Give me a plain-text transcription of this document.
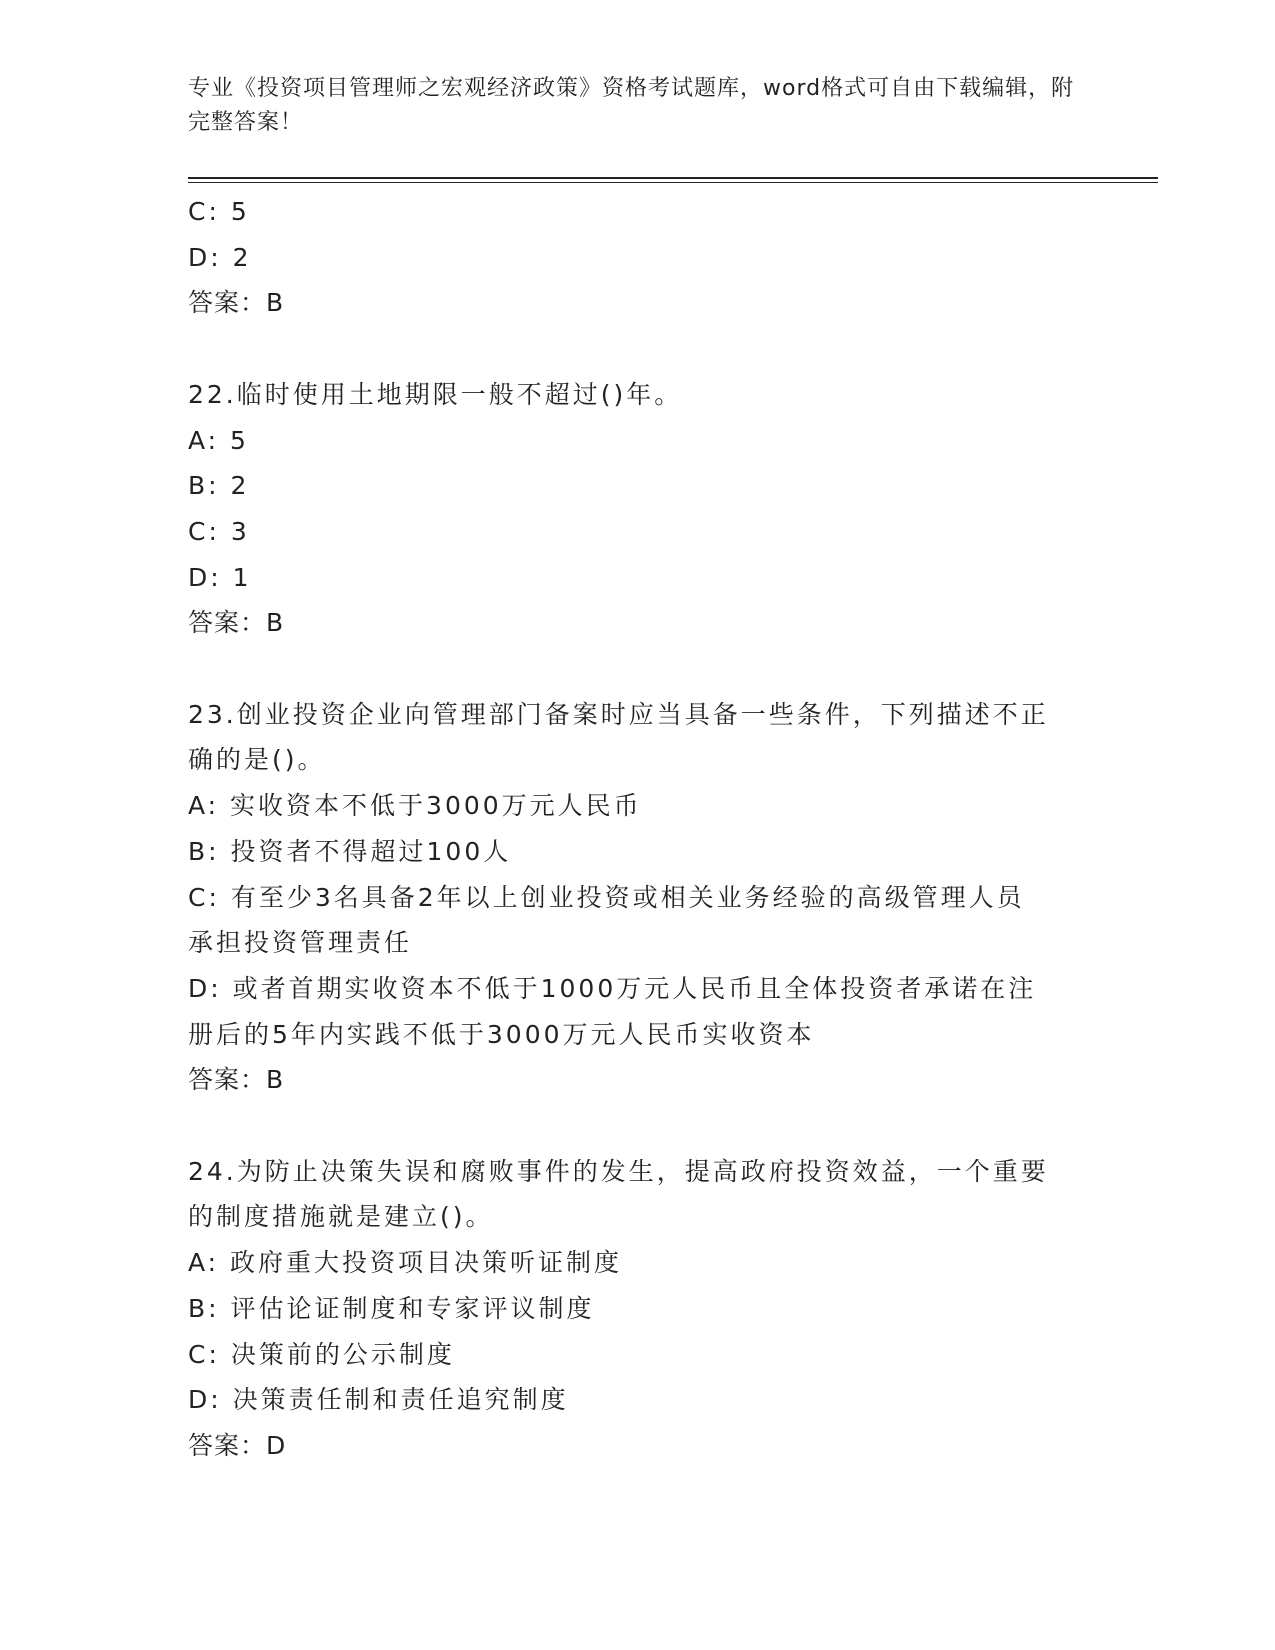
专业《投资项目管理师之宏观经济政策》资格考试题库，word格式可自由下载编辑，附完整答案！
C: 5
D: 2
答案：B
22.临时使用土地期限一般不超过()年。
A: 5
B: 2
C: 3
D: 1
答案：B
23.创业投资企业向管理部门备案时应当具备一些条件，下列描述不正
确的是()。
A: 实收资本不低于3000万元人民币
B: 投资者不得超过100人
C: 有至少3名具备2年以上创业投资或相关业务经验的高级管理人员
承担投资管理责任
D: 或者首期实收资本不低于1000万元人民币且全体投资者承诺在注
册后的5年内实践不低于3000万元人民币实收资本
答案：B
24.为防止决策失误和腐败事件的发生，提高政府投资效益，一个重要
的制度措施就是建立()。
A: 政府重大投资项目决策听证制度
B: 评估论证制度和专家评议制度
C: 决策前的公示制度
D: 决策责任制和责任追究制度
答案：D
